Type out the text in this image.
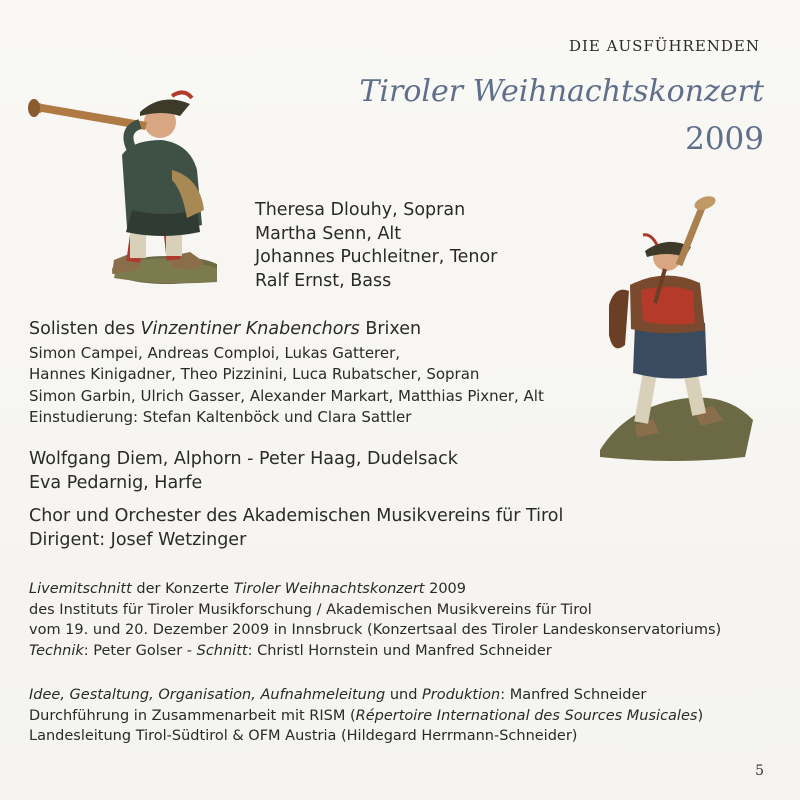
DIE AUSFÜHRENDEN
Tiroler Weihnachtskonzert
2009
Theresa Dlouhy, Sopran
Martha Senn, Alt
Johannes Puchleitner, Tenor
Ralf Ernst, Bass
Solisten des Vinzentiner Knabenchors Brixen
Simon Campei, Andreas Comploi, Lukas Gatterer,
Hannes Kinigadner, Theo Pizzinini, Luca Rubatscher, Sopran
Simon Garbin, Ulrich Gasser, Alexander Markart, Matthias Pixner, Alt
Einstudierung: Stefan Kaltenböck und Clara Sattler
Wolfgang Diem, Alphorn - Peter Haag, Dudelsack
Eva Pedarnig, Harfe
Chor und Orchester des Akademischen Musikvereins für Tirol
Dirigent: Josef Wetzinger
Livemitschnitt der Konzerte Tiroler Weihnachtskonzert 2009
des Instituts für Tiroler Musikforschung / Akademischen Musikvereins für Tirol
vom 19. und 20. Dezember 2009 in Innsbruck (Konzertsaal des Tiroler Landeskonservatoriums)
Technik: Peter Golser - Schnitt: Christl Hornstein und Manfred Schneider
Idee, Gestaltung, Organisation, Aufnahmeleitung und Produktion: Manfred Schneider
Durchführung in Zusammenarbeit mit RISM (Répertoire International des Sources Musicales)
Landesleitung Tirol-Südtirol & OFM Austria (Hildegard Herrmann-Schneider)
5
